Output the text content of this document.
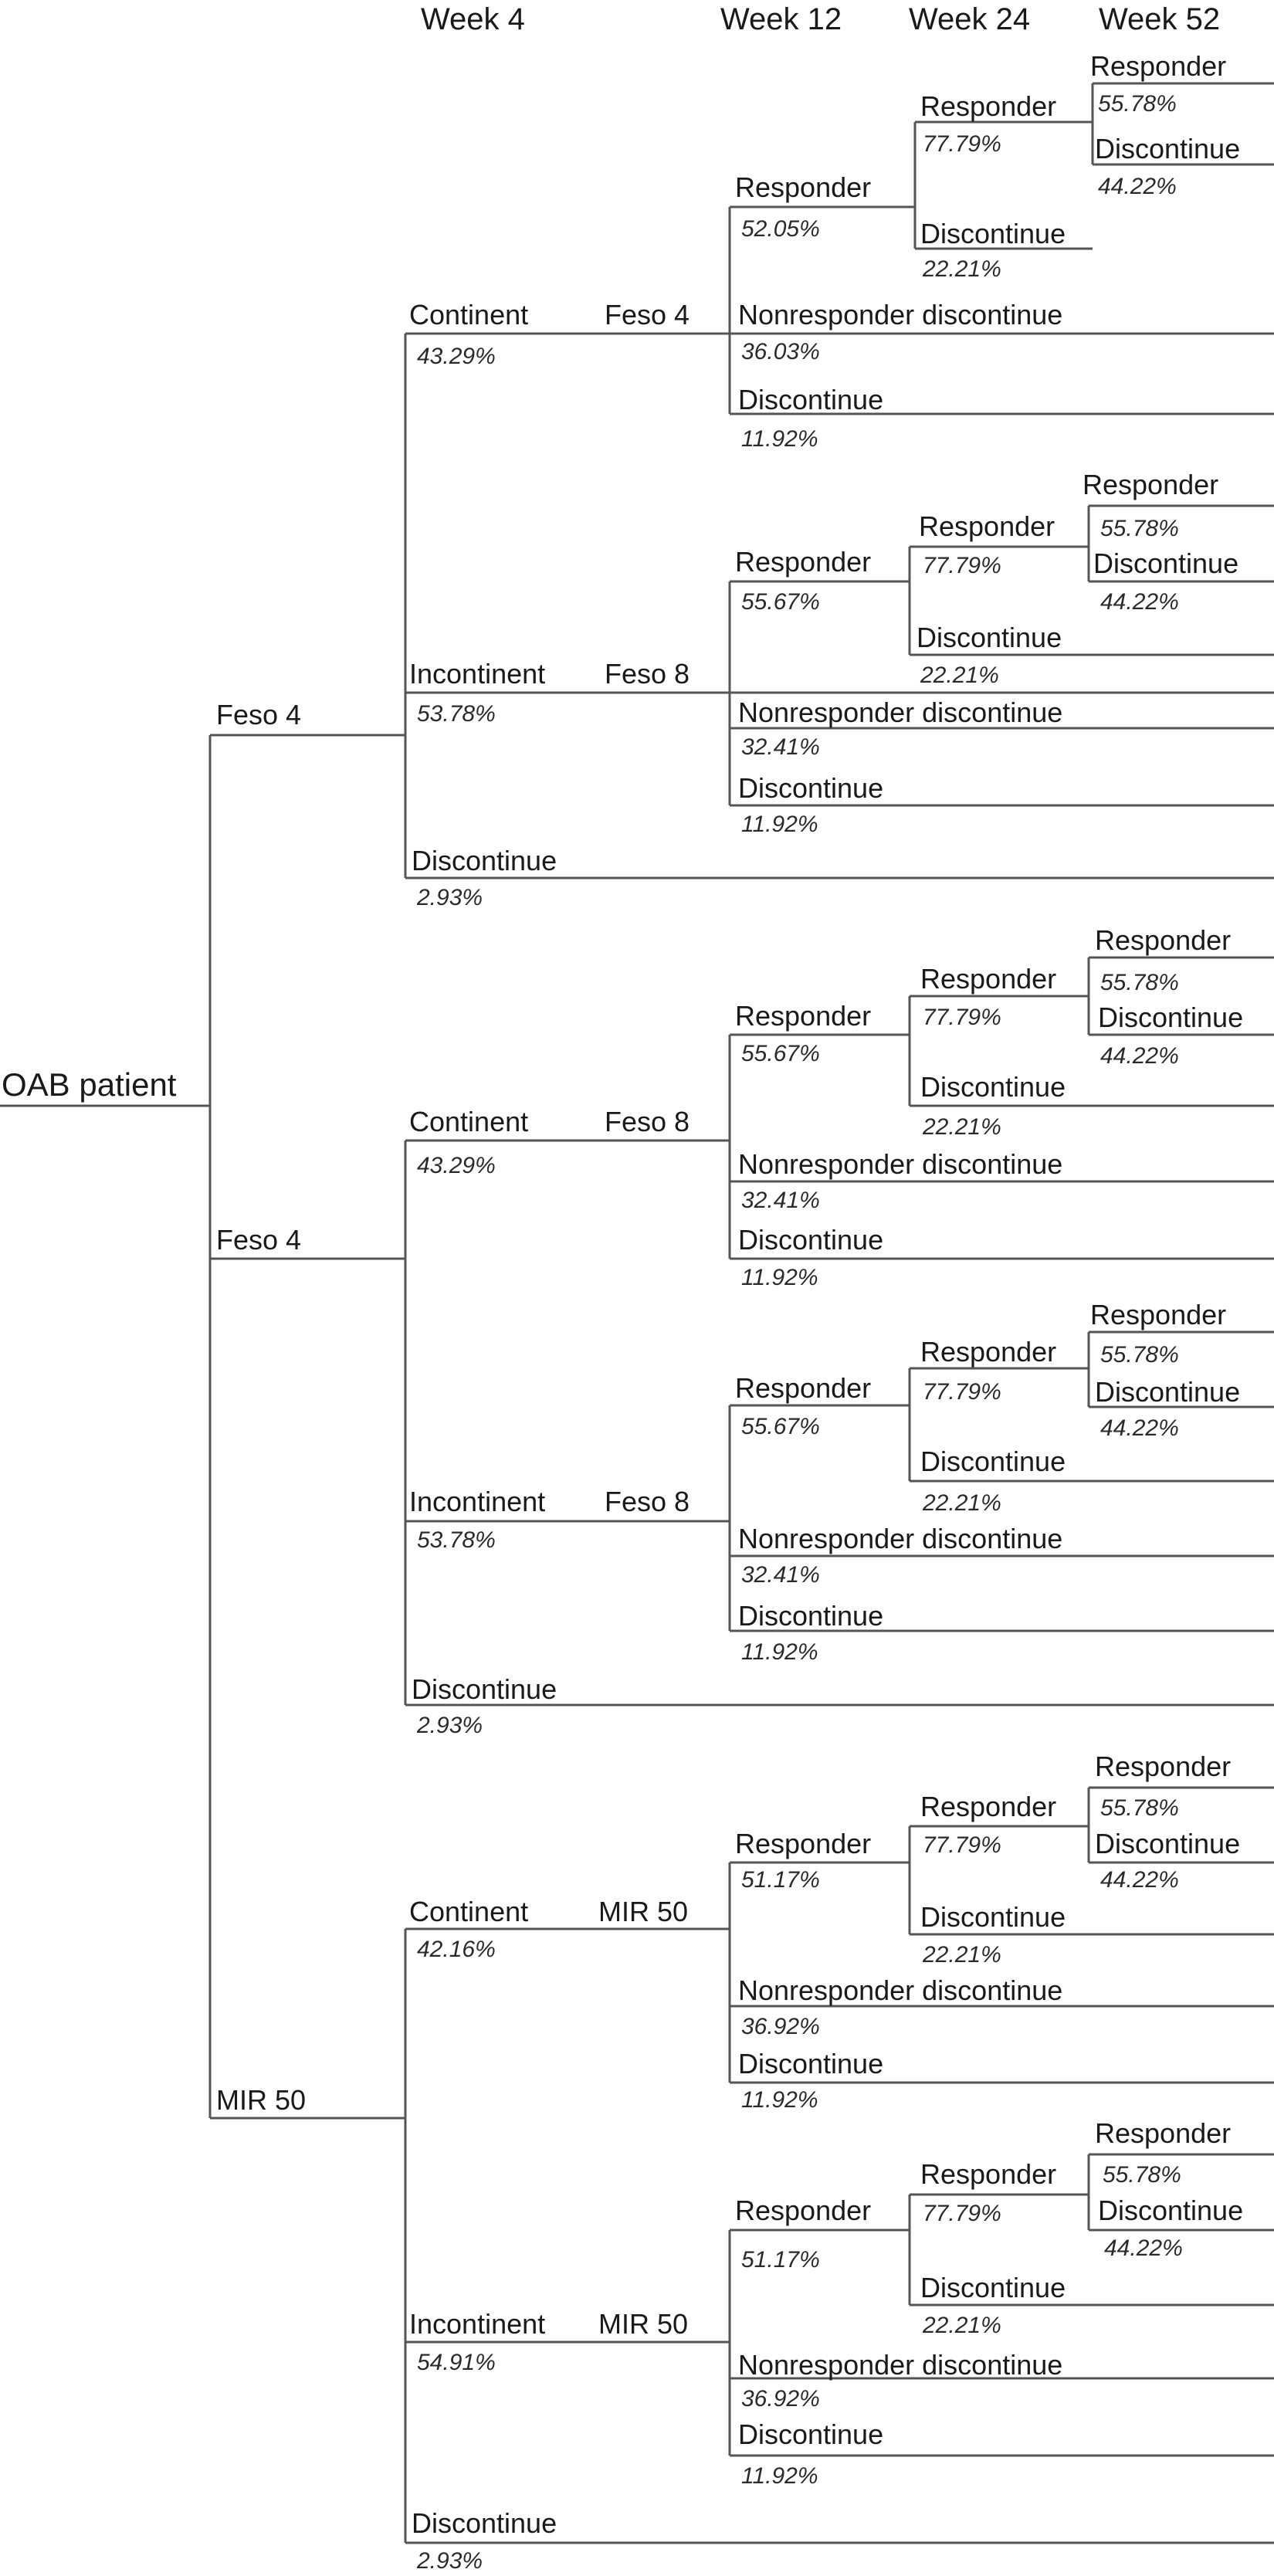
Week 4	Week 12 Week 24 Week 52
OAB patient
Feso 4
Feso 4
MIR 50
Continent
43.29%
Feso 4
Incontinent
53.78%
Feso 8
Discontinue
2.93%
Responder
52.05%
Nonresponder discontinue
36.03%
Discontinue
11.92%
Responder
77.79%
Discontinue
22.21%
Responder
55.78%
Discontinue
44.22%
Responder
55.67%
Nonresponder discontinue
32.41%
Discontinue
11.92%
Responder
77.79%
Discontinue
22.21%
Responder
55.78%
Discontinue
44.22%
Continent
43.29%
Feso 8
Incontinent
53.78%
Feso 8
Discontinue
2.93%
Responder
55.67%
Nonresponder discontinue
32.41%
Discontinue
11.92%
Responder
77.79%
Discontinue
22.21%
Responder
55.78%
Discontinue
44.22%
Responder
55.67%
Nonresponder discontinue
32.41%
Discontinue
11.92%
Responder
77.79%
Discontinue
22.21%
Responder
55.78%
Discontinue
44.22%
Continent
42.16%
MIR 50
Incontinent
54.91%
MIR 50
Discontinue
2.93%
Responder
51.17%
Nonresponder discontinue
36.92%
Discontinue
11.92%
Responder
77.79%
Discontinue
22.21%
Responder
55.78%
Discontinue
44.22%
Responder
51.17%
Nonresponder discontinue
36.92%
Discontinue
11.92%
Responder
77.79%
Discontinue
22.21%
Responder
55.78%
Discontinue
44.22%
